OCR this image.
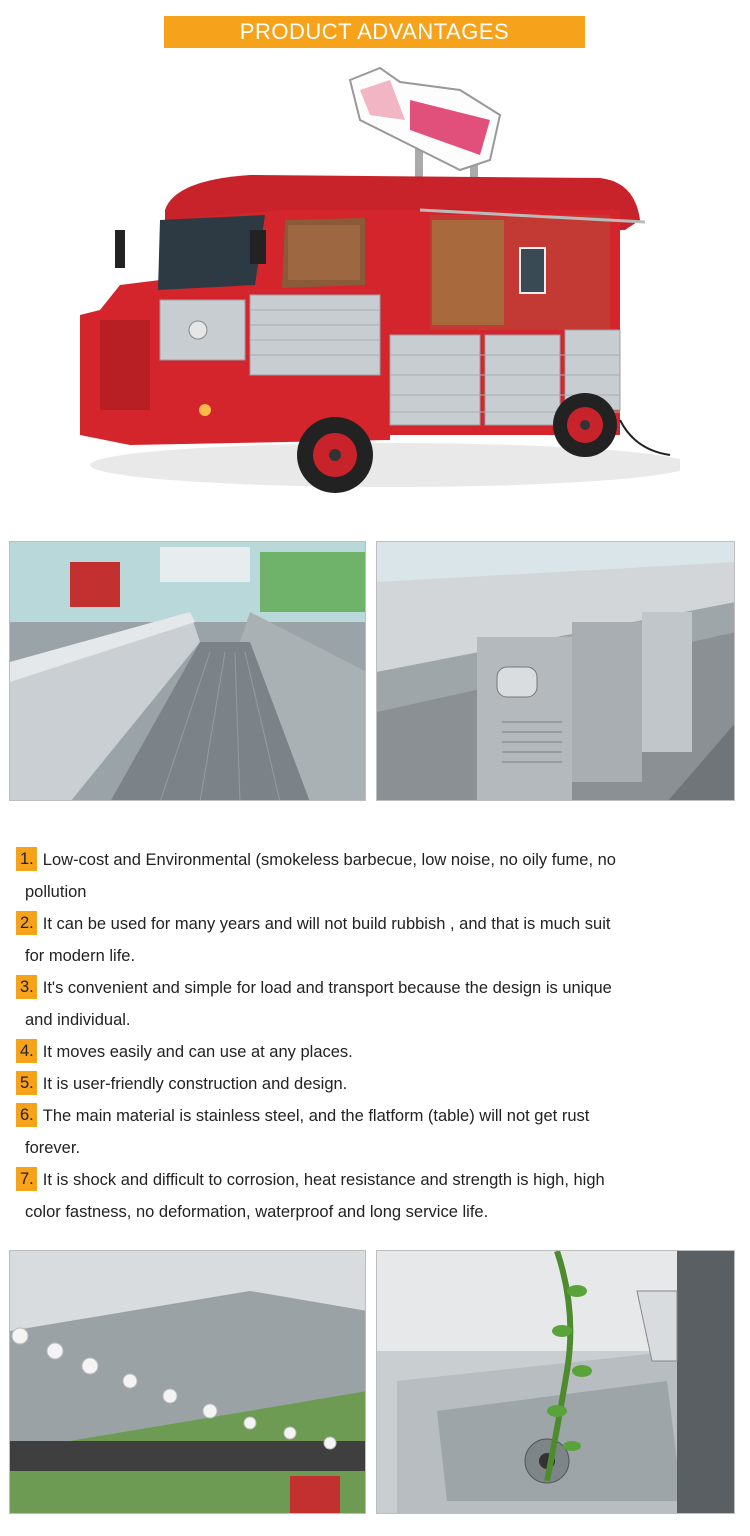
PRODUCT ADVANTAGES
1. Low-cost and Environmental (smokeless barbecue, low noise, no oily fume, no
pollution
2. It can be used for many years and will not build rubbish , and that is much suit
for modern life.
3. It's convenient and simple for load and transport because the design is unique
and individual.
4. It moves easily and can use at any places.
5. It is user-friendly construction and design.
6. The main material is stainless steel, and the flatform (table) will not get rust
forever.
7. It is shock and difficult to corrosion, heat resistance and strength is high, high
color fastness, no deformation, waterproof and long service life.
